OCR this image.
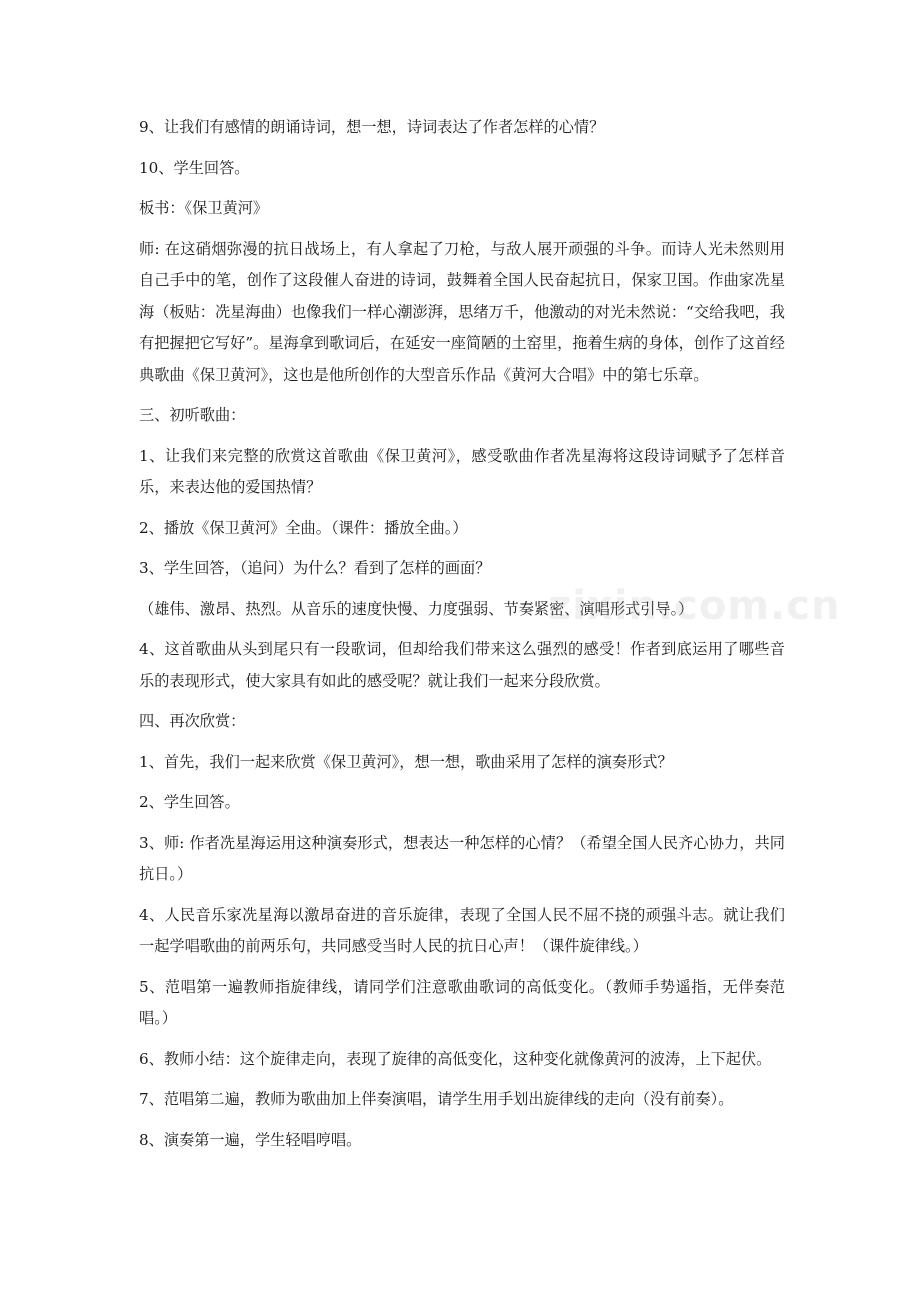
9、让我们有感情的朗诵诗词，想一想，诗词表达了作者怎样的心情？

10、学生回答。

板书：《保卫黄河》

师: 在这硝烟弥漫的抗日战场上，有人拿起了刀枪，与敌人展开顽强的斗争。而诗人光未然则用自己手中的笔，创作了这段催人奋进的诗词，鼓舞着全国人民奋起抗日，保家卫国。作曲家冼星海（板贴：冼星海曲）也像我们一样心潮澎湃，思绪万千，他激动的对光未然说：“交给我吧，我有把握把它写好”。星海拿到歌词后，在延安一座简陋的土窑里，拖着生病的身体，创作了这首经典歌曲《保卫黄河》，这也是他所创作的大型音乐作品《黄河大合唱》中的第七乐章。

三、初听歌曲：

1、让我们来完整的欣赏这首歌曲《保卫黄河》，感受歌曲作者冼星海将这段诗词赋予了怎样音乐，来表达他的爱国热情？

2、播放《保卫黄河》全曲。（课件：播放全曲。）

3、学生回答，（追问）为什么？看到了怎样的画面？

（雄伟、激昂、热烈。从音乐的速度快慢、力度强弱、节奏紧密、演唱形式引导。）

4、这首歌曲从头到尾只有一段歌词，但却给我们带来这么强烈的感受！作者到底运用了哪些音乐的表现形式，使大家具有如此的感受呢？就让我们一起来分段欣赏。

四、再次欣赏：

1、首先，我们一起来欣赏《保卫黄河》，想一想，歌曲采用了怎样的演奏形式？

2、学生回答。

3、师: 作者冼星海运用这种演奏形式，想表达一种怎样的心情？（希望全国人民齐心协力，共同抗日。）

4、人民音乐家冼星海以激昂奋进的音乐旋律，表现了全国人民不屈不挠的顽强斗志。就让我们一起学唱歌曲的前两乐句，共同感受当时人民的抗日心声！（课件旋律线。）

5、范唱第一遍教师指旋律线，请同学们注意歌曲歌词的高低变化。（教师手势遥指，无伴奏范唱。）

6、教师小结：这个旋律走向，表现了旋律的高低变化，这种变化就像黄河的波涛，上下起伏。

7、范唱第二遍，教师为歌曲加上伴奏演唱，请学生用手划出旋律线的走向（没有前奏）。

8、演奏第一遍，学生轻唱哼唱。

zixin.com.cn
